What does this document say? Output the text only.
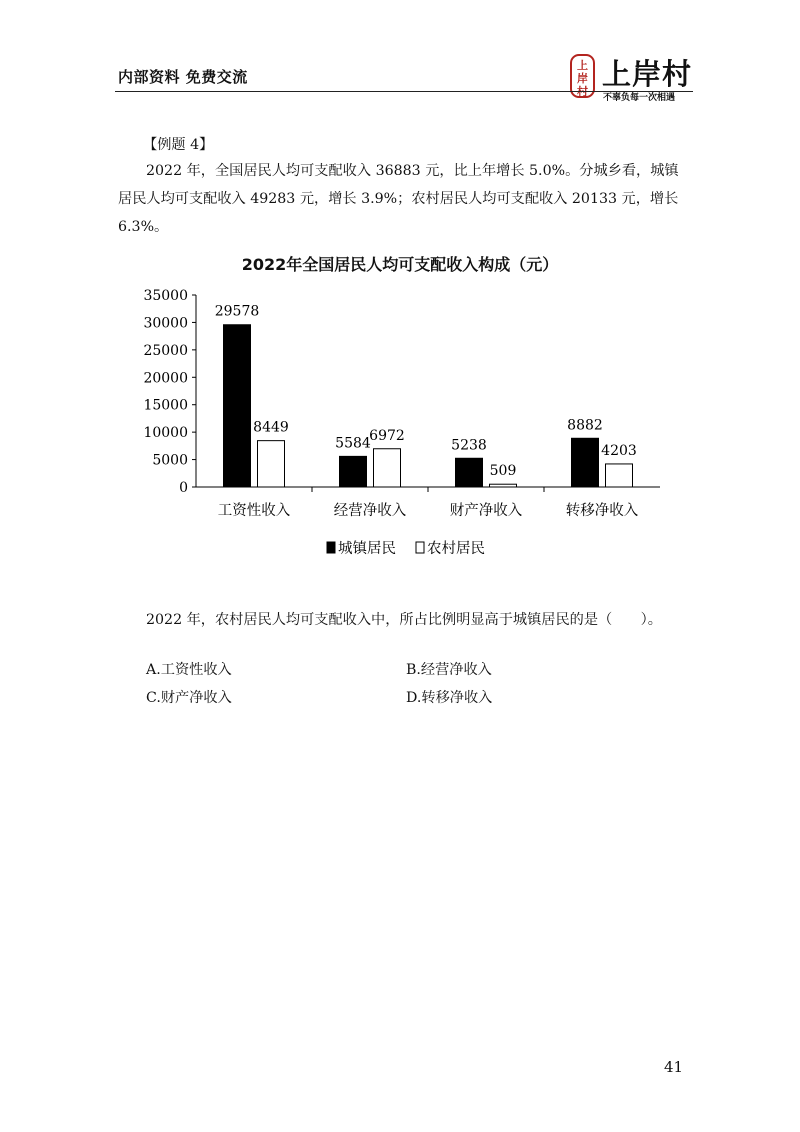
内部资料 免费交流
上
岸
村
上岸村
不辜负每一次相遇
【例题 4】
2022 年，全国居民人均可支配收入 36883 元，比上年增长 5.0%。分城乡看，城镇居民人均可支配收入 49283 元，增长 3.9%；农村居民人均可支配收入 20133 元，增长 6.3%。
2022年全国居民人均可支配收入构成（元）
35000
30000
25000
20000
15000
10000
5000
0
29578
8449
工资性收入
5584
6972
经营净收入
5238
509
财产净收入
8882
4203
转移净收入
城镇居民 农村居民
2022 年，农村居民人均可支配收入中，所占比例明显高于城镇居民的是（　　）。
A.工资性收入	B.经营净收入
C.财产净收入	D.转移净收入
41
